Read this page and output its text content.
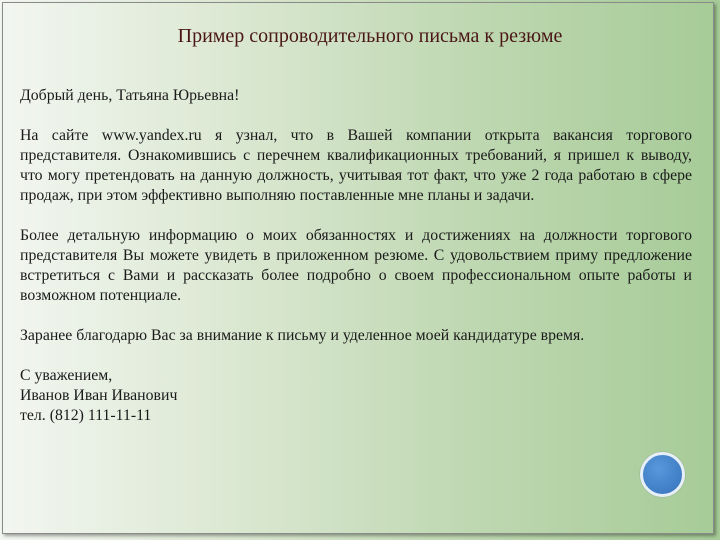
Пример сопроводительного письма к резюме

Добрый день, Татьяна Юрьевна!

На сайте www.yandex.ru я узнал, что в Вашей компании открыта вакансия торгового представителя. Ознакомившись с перечнем квалификационных требований, я пришел к выводу, что могу претендовать на данную должность, учитывая тот факт, что уже 2 года работаю в сфере продаж, при этом эффективно выполняю поставленные мне планы и задачи.

Более детальную информацию о моих обязанностях и достижениях на должности торгового представителя Вы можете увидеть в приложенном резюме. С удовольствием приму предложение встретиться с Вами и рассказать более подробно о своем профессиональном опыте работы и возможном потенциале.

Заранее благодарю Вас за внимание к письму и уделенное моей кандидатуре время.

С уважением,

Иванов Иван Иванович

тел. (812) 111-11-11
